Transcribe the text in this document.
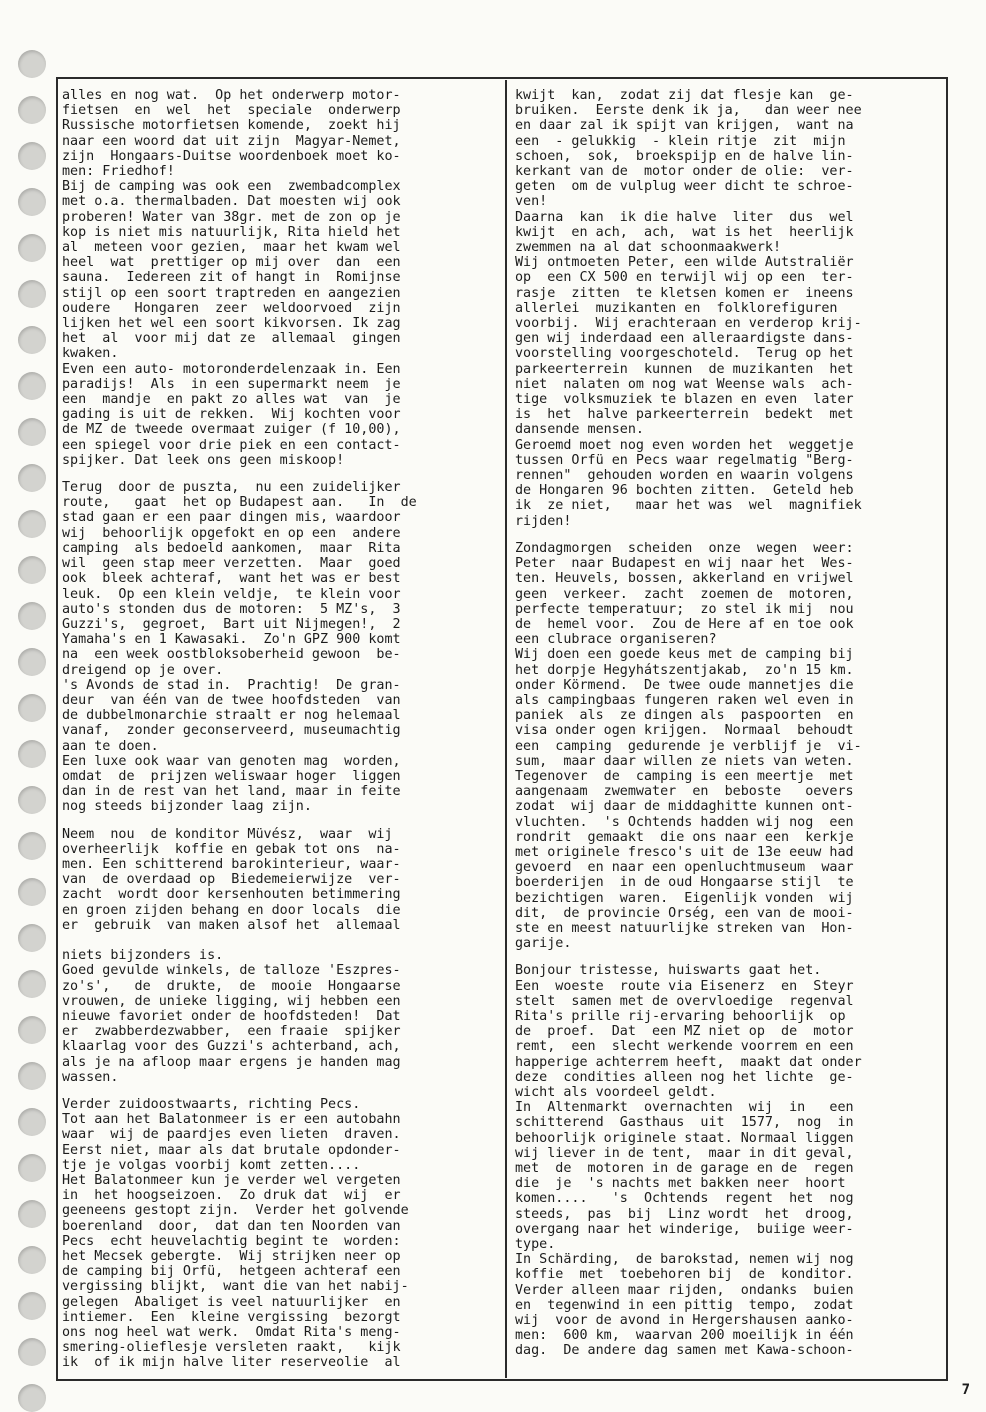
alles en nog wat.  Op het onderwerp motor-
fietsen  en  wel  het  speciale  onderwerp
Russische motorfietsen komende,  zoekt hij
naar een woord dat uit zijn  Magyar-Nemet,
zijn  Hongaars-Duitse woordenboek moet ko-
men: Friedhof!
Bij de camping was ook een  zwembadcomplex
met o.a. thermalbaden. Dat moesten wij ook
proberen! Water van 38gr. met de zon op je
kop is niet mis natuurlijk, Rita hield het
al  meteen voor gezien,  maar het kwam wel
heel  wat  prettiger op mij over  dan  een
sauna.  Iedereen zit of hangt in  Romijnse
stijl op een soort traptreden en aangezien
oudere   Hongaren  zeer  weldoorvoed  zijn
lijken het wel een soort kikvorsen. Ik zag
het  al  voor mij dat ze  allemaal  gingen
kwaken.
Even een auto- motoronderdelenzaak in. Een
paradijs!  Als  in een supermarkt neem  je
een  mandje  en pakt zo alles wat  van  je
gading is uit de rekken.  Wij kochten voor
de MZ de tweede overmaat zuiger (f 10,00),
een spiegel voor drie piek en een contact-
spijker. Dat leek ons geen miskoop!
Terug  door de puszta,  nu een zuidelijker
route,   gaat  het op Budapest aan.   In  de
stad gaan er een paar dingen mis, waardoor
wij  behoorlijk opgefokt en op een  andere
camping  als bedoeld aankomen,  maar  Rita
wil  geen stap meer verzetten.  Maar  goed
ook  bleek achteraf,  want het was er best
leuk.  Op een klein veldje,  te klein voor
auto's stonden dus de motoren:  5 MZ's,  3
Guzzi's,  gegroet,  Bart uit Nijmegen!,  2
Yamaha's en 1 Kawasaki.  Zo'n GPZ 900 komt
na  een week oostbloksoberheid gewoon  be-
dreigend op je over.
's Avonds de stad in.  Prachtig!  De gran-
deur  van één van de twee hoofdsteden  van
de dubbelmonarchie straalt er nog helemaal
vanaf,  zonder geconserveerd, museumachtig
aan te doen.
Een luxe ook waar van genoten mag  worden,
omdat  de  prijzen weliswaar hoger  liggen
dan in de rest van het land, maar in feite
nog steeds bijzonder laag zijn.
Neem  nou  de konditor Müvész,  waar  wij
overheerlijk  koffie en gebak tot ons  na-
men. Een schitterend barokinterieur, waar-
van  de overdaad op  Biedemeierwijze  ver-
zacht  wordt door kersenhouten betimmering
en groen zijden behang en door locals  die
er  gebruik  van maken alsof het  allemaal

niets bijzonders is.
Goed gevulde winkels, de talloze 'Eszpres-
zo's',   de  drukte,  de  mooie  Hongaarse
vrouwen, de unieke ligging, wij hebben een
nieuwe favoriet onder de hoofdsteden!  Dat
er  zwabberdezwabber,  een fraaie  spijker
klaarlag voor des Guzzi's achterband, ach,
als je na afloop maar ergens je handen mag
wassen.
Verder zuidoostwaarts, richting Pecs.
Tot aan het Balatonmeer is er een autobahn
waar  wij de paardjes even lieten  draven.
Eerst niet, maar als dat brutale opdonder-
tje je volgas voorbij komt zetten....
Het Balatonmeer kun je verder wel vergeten
in  het hoogseizoen.  Zo druk dat  wij  er
geeneens gestopt zijn.  Verder het golvende
boerenland  door,  dat dan ten Noorden van
Pecs  echt heuvelachtig begint te  worden:
het Mecsek gebergte.  Wij strijken neer op
de camping bij Orfü,  hetgeen achteraf een
vergissing blijkt,  want die van het nabij-
gelegen  Abaliget is veel natuurlijker  en
intiemer.  Een  kleine vergissing  bezorgt
ons nog heel wat werk.  Omdat Rita's meng-
smering-olieflesje versleten raakt,   kijk
ik  of ik mijn halve liter reserveolie  al
kwijt  kan,  zodat zij dat flesje kan  ge-
bruiken.  Eerste denk ik ja,   dan weer nee
en daar zal ik spijt van krijgen,  want na
een  - gelukkig  - klein ritje  zit  mijn
schoen,  sok,  broekspijp en de halve lin-
kerkant van de  motor onder de olie:  ver-
geten  om de vulplug weer dicht te schroe-
ven!
Daarna  kan  ik die halve  liter  dus  wel
kwijt  en ach,  ach,  wat is het  heerlijk
zwemmen na al dat schoonmaakwerk!
Wij ontmoeten Peter, een wilde Autstraliër
op  een CX 500 en terwijl wij op een  ter-
rasje  zitten  te kletsen komen er  ineens
allerlei  muzikanten en  folklorefiguren
voorbij.  Wij erachteraan en verderop krij-
gen wij inderdaad een alleraardigste dans-
voorstelling voorgeschoteld.  Terug op het
parkeerterrein  kunnen  de muzikanten  het
niet  nalaten om nog wat Weense wals  ach-
tige  volksmuziek te blazen en even  later
is  het  halve parkeerterrein  bedekt  met
dansende mensen.
Geroemd moet nog even worden het  weggetje
tussen Orfü en Pecs waar regelmatig "Berg-
rennen"  gehouden worden en waarin volgens
de Hongaren 96 bochten zitten.  Geteld heb
ik  ze niet,   maar het was  wel  magnifiek
rijden!
Zondagmorgen  scheiden  onze  wegen  weer:
Peter  naar Budapest en wij naar het  Wes-
ten. Heuvels, bossen, akkerland en vrijwel
geen  verkeer.  zacht  zoemen de  motoren,
perfecte temperatuur;  zo stel ik mij  nou
de  hemel voor.  Zou de Here af en toe ook
een clubrace organiseren?
Wij doen een goede keus met de camping bij
het dorpje Hegyhátszentjakab,  zo'n 15 km.
onder Körmend.  De twee oude mannetjes die
als campingbaas fungeren raken wel even in
paniek  als  ze dingen als  paspoorten  en
visa onder ogen krijgen.  Normaal  behoudt
een  camping  gedurende je verblijf je  vi-
sum,  maar daar willen ze niets van weten.
Tegenover  de  camping is een meertje  met
aangenaam  zwemwater  en  beboste   oevers
zodat  wij daar de middaghitte kunnen ont-
vluchten.  's Ochtends hadden wij nog  een
rondrit  gemaakt  die ons naar een  kerkje
met originele fresco's uit de 13e eeuw had
gevoerd  en naar een openluchtmuseum  waar
boerderijen  in de oud Hongaarse stijl  te
bezichtigen  waren.  Eigenlijk vonden  wij
dit,  de provincie Orség, een van de mooi-
ste en meest natuurlijke streken van  Hon-
garije.
Bonjour tristesse, huiswarts gaat het.
Een  woeste  route via Eisenerz  en  Steyr
stelt  samen met de overvloedige  regenval
Rita's prille rij-ervaring behoorlijk  op
de  proef.  Dat  een MZ niet op  de  motor
remt,  een  slecht werkende voorrem en een
happerige achterrem heeft,  maakt dat onder
deze  condities alleen nog het lichte  ge-
wicht als voordeel geldt.
In  Altenmarkt  overnachten  wij  in   een
schitterend  Gasthaus  uit  1577,  nog  in
behoorlijk originele staat. Normaal liggen
wij liever in de tent,  maar in dit geval,
met  de  motoren in de garage en de  regen
die  je  's nachts met bakken neer  hoort
komen....   's  Ochtends  regent  het  nog
steeds,  pas  bij  Linz wordt  het  droog,
overgang naar het winderige,  buiige weer-
type.
In Schärding,  de barokstad, nemen wij nog
koffie  met  toebehoren bij  de  konditor.
Verder alleen maar rijden,  ondanks  buien
en  tegenwind in een pittig  tempo,  zodat
wij  voor de avond in Hergershausen aanko-
men:  600 km,  waarvan 200 moeilijk in één
dag.  De andere dag samen met Kawa-schoon-
7
